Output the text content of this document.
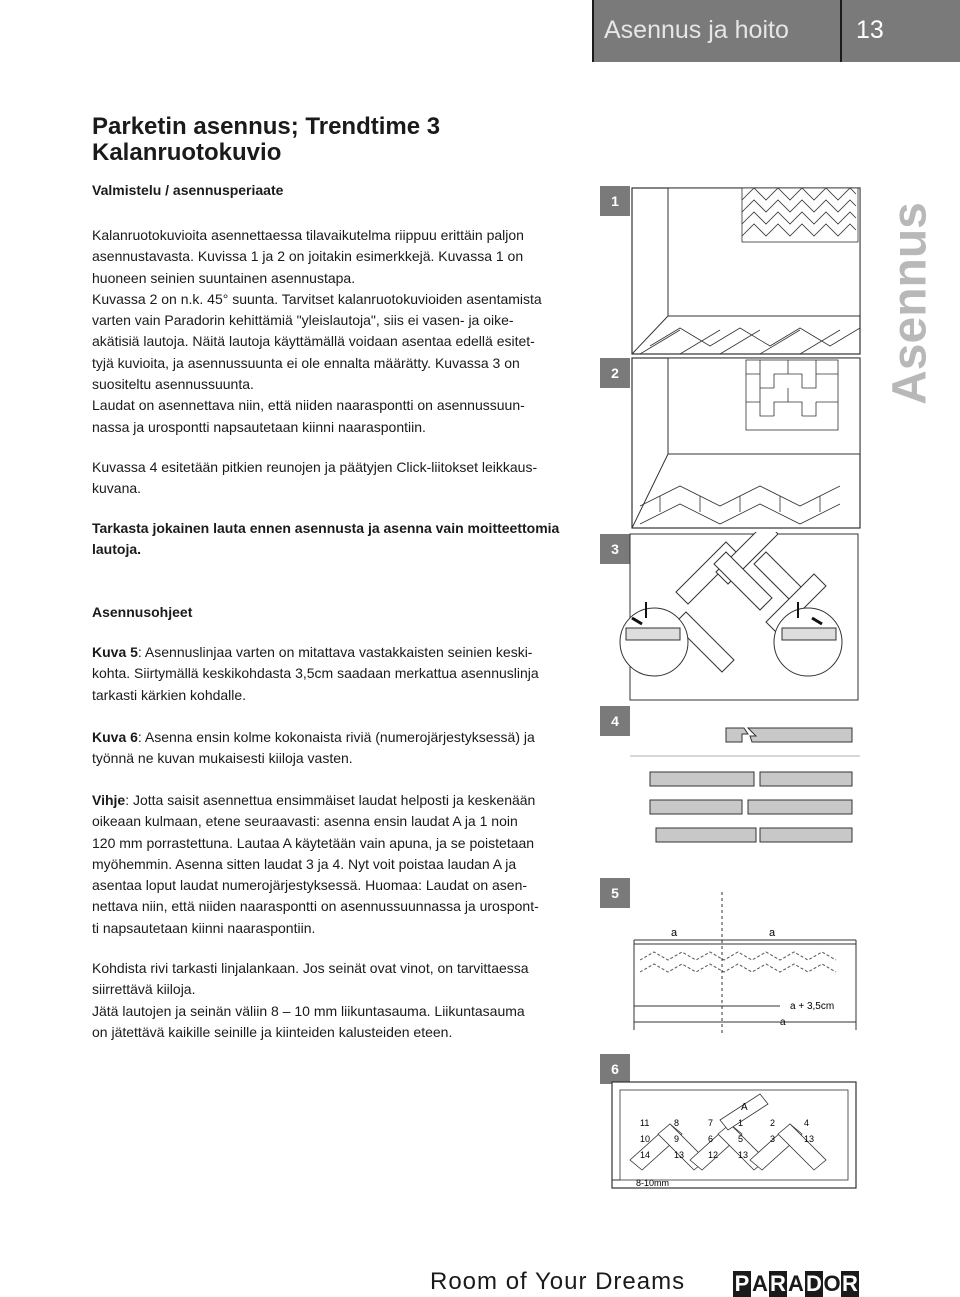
Asennus ja hoito	13
Parketin asennus; Trendtime 3
Kalanruotokuvio
Valmistelu / asennusperiaate

Kalanruotokuvioita asennettaessa tilavaikutelma riippuu erittäin paljon

asennustavasta. Kuvissa 1 ja 2 on joitakin esimerkkejä. Kuvassa 1 on

huoneen seinien suuntainen asennustapa.

Kuvassa 2 on n.k. 45° suunta. Tarvitset kalanruotokuvioiden asentamista

varten vain Paradorin kehittämiä "yleislautoja", siis ei vasen- ja oike-

akätisiä lautoja. Näitä lautoja käyttämällä voidaan asentaa edellä esitet-

tyjä kuvioita, ja asennussuunta ei ole ennalta määrätty. Kuvassa 3 on

suositeltu asennussuunta.

Laudat on asennettava niin, että niiden naaraspontti on asennussuun-

nassa ja urospontti napsautetaan kiinni naaraspontiin.

Kuvassa 4 esitetään pitkien reunojen ja päätyjen Click-liitokset leikkaus-

kuvana.

Tarkasta jokainen lauta ennen asennusta ja asenna vain moitteettomia

lautoja.

Asennusohjeet

Kuva 5: Asennuslinjaa varten on mitattava vastakkaisten seinien keski-

kohta. Siirtymällä keskikohdasta 3,5cm saadaan merkattua asennuslinja

tarkasti kärkien kohdalle.

Kuva 6: Asenna ensin kolme kokonaista riviä (numerojärjestyksessä) ja

työnnä ne kuvan mukaisesti kiiloja vasten.

Vihje: Jotta saisit asennettua ensimmäiset laudat helposti ja keskenään

oikeaan kulmaan, etene seuraavasti: asenna ensin laudat A ja 1 noin

120 mm porrastettuna. Lautaa A käytetään vain apuna, ja se poistetaan

myöhemmin. Asenna sitten laudat 3 ja 4. Nyt voit poistaa laudan A ja

asentaa loput laudat numerojärjestyksessä. Huomaa: Laudat on asen-

nettava niin, että niiden naaraspontti on asennussuunnassa ja urospont-

ti napsautetaan kiinni naaraspontiin.

Kohdista rivi tarkasti linjalankaan. Jos seinät ovat vinot, on tarvittaessa

siirrettävä kiiloja.

Jätä lautojen ja seinän väliin 8 – 10 mm liikuntasauma. Liikuntasauma

on jätettävä kaikille seinille ja kiinteiden kalusteiden eteen.

Asennus
1
2
3
4
5
a	a
a + 3,5cm
a
6
A
11	8	7	1	2	4
10	9	6	5	3	13
14	13	12 13
8-10mm
Room of Your Dreams P A R A D O R
